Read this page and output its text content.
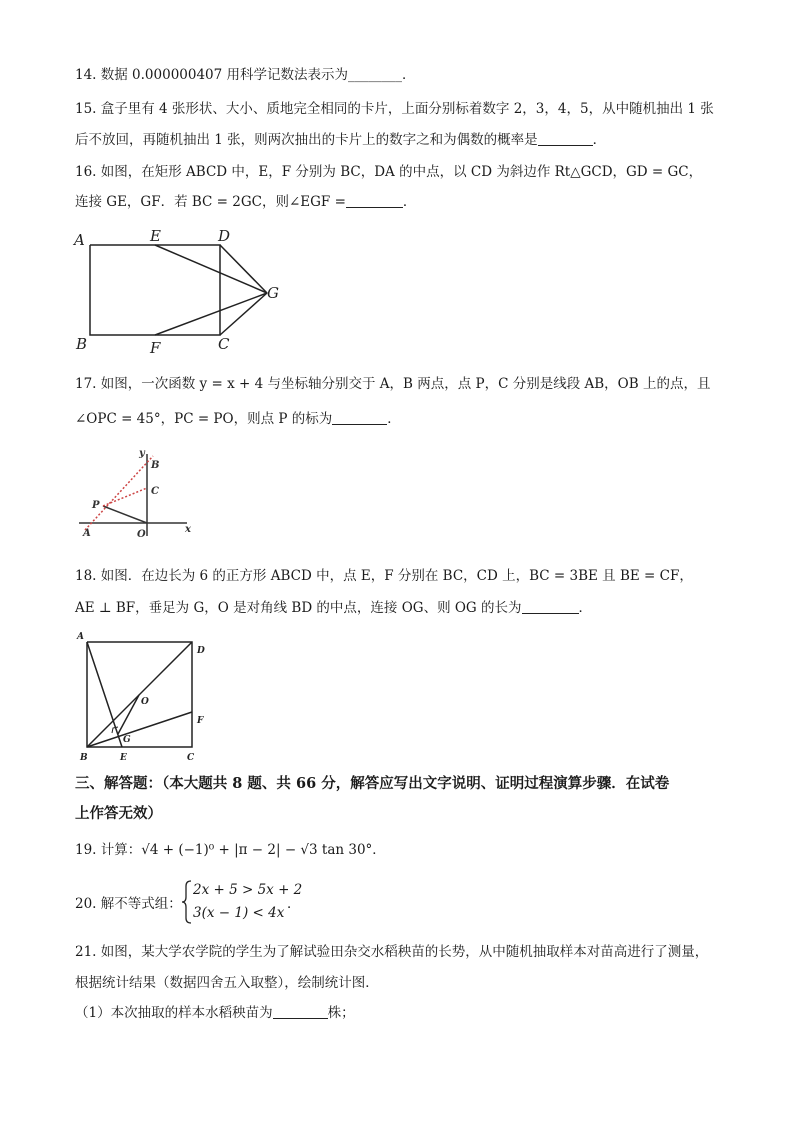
14. 数据 0.000000407 用科学记数法表示为________．
15. 盒子里有 4 张形状、大小、质地完全相同的卡片，上面分别标着数字 2，3，4，5，从中随机抽出 1 张
后不放回，再随机抽出 1 张，则两次抽出的卡片上的数字之和为偶数的概率是	．
16. 如图，在矩形 ABCD 中，E，F 分别为 BC，DA 的中点，以 CD 为斜边作 Rt△GCD，GD = GC，
连接 GE，GF．若 BC = 2GC，则∠EGF =	．
A	E	D
G
B	F	C
17. 如图，一次函数 y = x + 4 与坐标轴分别交于 A，B 两点，点 P，C 分别是线段 AB，OB 上的点，且
∠OPC = 45°，PC = PO，则点 P 的标为	．
y
B
C
P
A	O	x
18. 如图．在边长为 6 的正方形 ABCD 中，点 E，F 分别在 BC，CD 上，BC = 3BE 且 BE = CF，
AE ⊥ BF，垂足为 G，O 是对角线 BD 的中点，连接 OG、则 OG 的长为	．
A
D
O
F
G
B	E	C
三、解答题：（本大题共 8 题、共 66 分，解答应写出文字说明、证明过程演算步骤．在试卷
上作答无效）
19. 计算：√4 + (−1)⁰ + |π − 2| − √3 tan 30°．
20. 解不等式组：
2x + 5 > 5x + 2
3(x − 1) < 4x
．
21. 如图，某大学农学院的学生为了解试验田杂交水稻秧苗的长势，从中随机抽取样本对苗高进行了测量，
根据统计结果（数据四舍五入取整），绘制统计图．
（1）本次抽取的样本水稻秧苗为	株；
